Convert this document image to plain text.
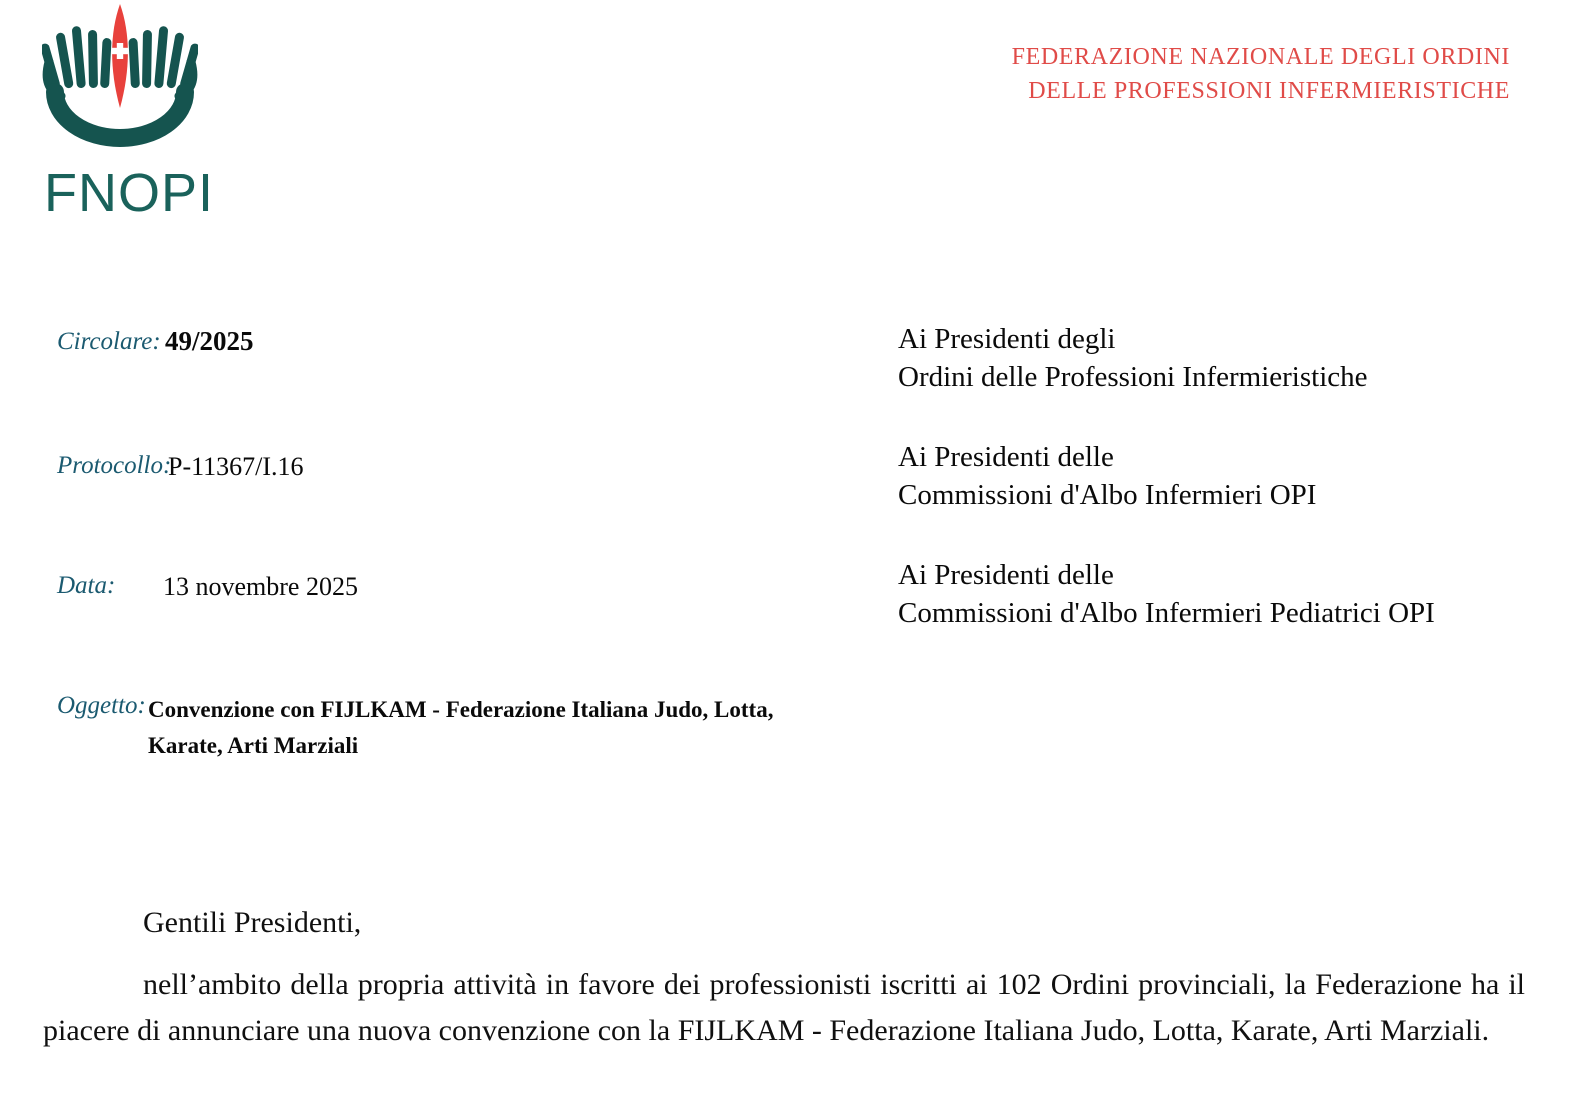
FNOPI
FEDERAZIONE NAZIONALE DEGLI ORDINI
DELLE PROFESSIONI INFERMIERISTICHE
Circolare: 49/2025
Protocollo:
P-11367/I.16
Data: 13 novembre 2025
Oggetto: Convenzione con FIJLKAM - Federazione Italiana Judo, Lotta, Karate, Arti Marziali
Ai Presidenti degli
Ordini delle Professioni Infermieristiche
Ai Presidenti delle
Commissioni d'Albo Infermieri OPI
Ai Presidenti delle
Commissioni d'Albo Infermieri Pediatrici OPI

Gentili Presidenti,

nell’ambito della propria attività in favore dei professionisti iscritti ai 102 Ordini provinciali, la Federazione ha il piacere di annunciare una nuova convenzione con la FIJLKAM - Federazione Italiana Judo, Lotta, Karate, Arti Marziali.
